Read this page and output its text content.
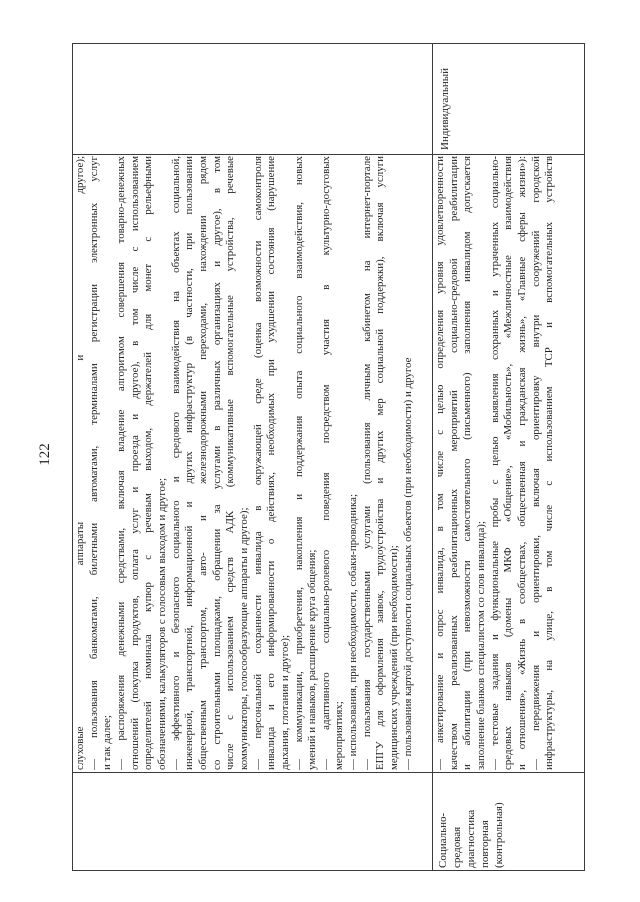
122 слуховые аппараты и другое); — пользования банкоматами, билетными автоматами, терминалами регистрации электронных услуг и так далее; — распоряжения денежными средствами, включая владение алгоритмом совершения товарно-денежных отношений (покупка продуктов, оплата услуг и проезда и другое), в том числе с использованием определителей номинала купюр с речевым выходом, держателей для монет с рельефными обозначениями, калькуляторов с голосовым выходом и другое; — эффективного и безопасного социального и средового взаимодействия на объектах социальной, инженерной, транспортной, информационной и других инфраструктур (в частности, при пользовании общественным транспортом, авто- и железнодорожными переходами, нахождении рядом со строительными площадками, обращении за услугами в различных организациях и другое), в том числе с использованием средств АДК (коммуникативные вспомогательные устройства, речевые коммуникаторы, голосообразующие аппараты и другое); — персональной сохранности инвалида в окружающей среде (оценка возможности самоконтроля инвалида и его информированности о действиях, необходимых при ухудшении состояния (нарушение дыхания, глотания и другое); — коммуникации, приобретения, накопления и поддержания опыта социального взаимодействия, новых умений и навыков, расширение круга общения; — адаптивного социально-ролевого поведения посредством участия в культурно-досуговых мероприятиях; — использования, при необходимости, собаки-проводника; — пользования государственными услугами (пользования личным кабинетом на интернет-портале ЕПГУ для оформления заявок, трудоустройства и других мер социальной поддержки), включая услуги медицинских учреждений (при необходимости); — пользования картой доступности социальных объектов (при необходимости) и другое
Социально- средовая диагностика повторная (контрольная)
— анкетирование и опрос инвалида, в том числе с целью определения уровня удовлетворенности качеством реализованных реабилитационных мероприятий социально-средовой реабилитации и абилитации (при невозможности самостоятельного (письменного) заполнения инвалидом допускается заполнение бланков специалистом со слов инвалида); — тестовые задания и функциональные пробы с целью выявления сохранных и утраченных социально- средовых навыков (домены МКФ «Общение», «Мобильность», «Межличностные взаимодействия и отношения», «Жизнь в сообществах, общественная и гражданская жизнь», «Главные сферы жизни»): — передвижения и ориентировки, включая ориентировку внутри сооружений городской инфраструктуры, на улице, в том числе с использованием ТСР и вспомогательных устройств
Индивидуальный
